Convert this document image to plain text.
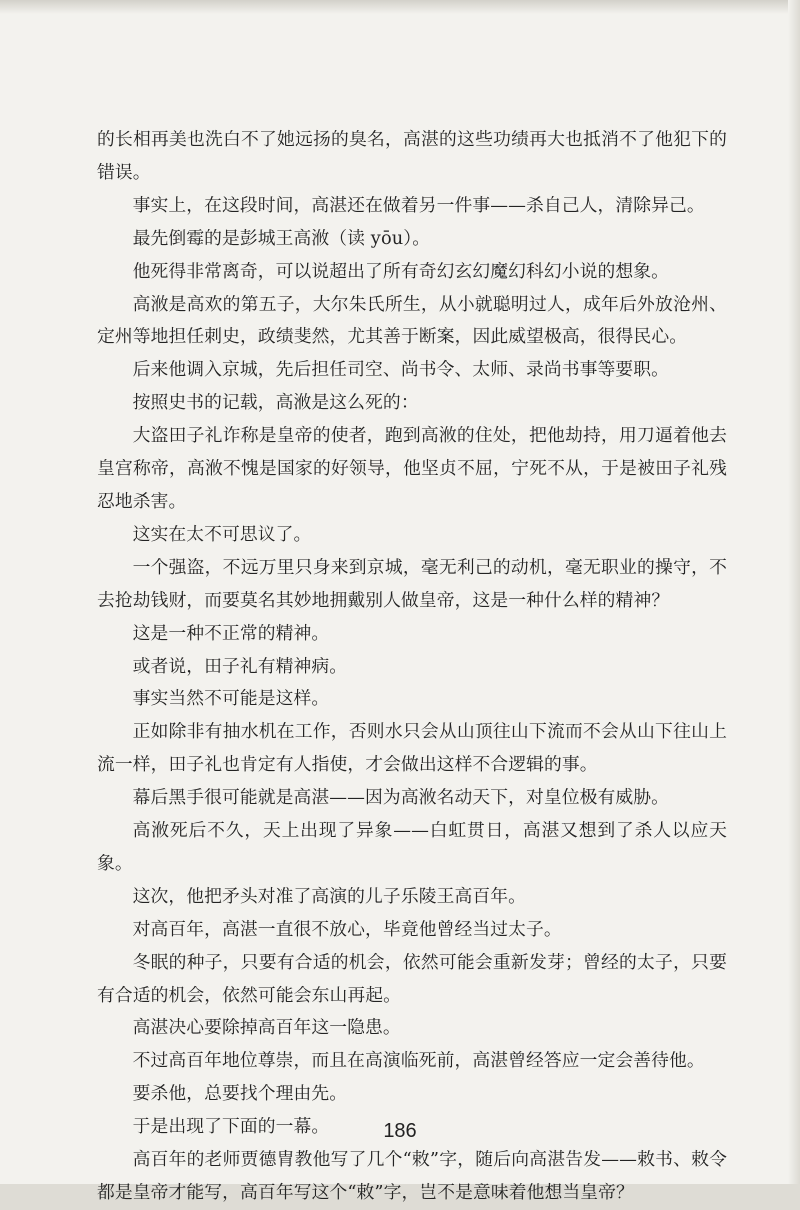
的长相再美也洗白不了她远扬的臭名，高湛的这些功绩再大也抵消不了他犯下的错误。

事实上，在这段时间，高湛还在做着另一件事——杀自己人，清除异己。

最先倒霉的是彭城王高浟（读 yōu）。

他死得非常离奇，可以说超出了所有奇幻玄幻魔幻科幻小说的想象。

高浟是高欢的第五子，大尔朱氏所生，从小就聪明过人，成年后外放沧州、定州等地担任刺史，政绩斐然，尤其善于断案，因此威望极高，很得民心。

后来他调入京城，先后担任司空、尚书令、太师、录尚书事等要职。

按照史书的记载，高浟是这么死的：

大盗田子礼诈称是皇帝的使者，跑到高浟的住处，把他劫持，用刀逼着他去皇宫称帝，高浟不愧是国家的好领导，他坚贞不屈，宁死不从，于是被田子礼残忍地杀害。

这实在太不可思议了。

一个强盗，不远万里只身来到京城，毫无利己的动机，毫无职业的操守，不去抢劫钱财，而要莫名其妙地拥戴别人做皇帝，这是一种什么样的精神？

这是一种不正常的精神。

或者说，田子礼有精神病。

事实当然不可能是这样。

正如除非有抽水机在工作，否则水只会从山顶往山下流而不会从山下往山上流一样，田子礼也肯定有人指使，才会做出这样不合逻辑的事。

幕后黑手很可能就是高湛——因为高浟名动天下，对皇位极有威胁。

高浟死后不久，天上出现了异象——白虹贯日，高湛又想到了杀人以应天象。

这次，他把矛头对准了高演的儿子乐陵王高百年。

对高百年，高湛一直很不放心，毕竟他曾经当过太子。

冬眠的种子，只要有合适的机会，依然可能会重新发芽；曾经的太子，只要有合适的机会，依然可能会东山再起。

高湛决心要除掉高百年这一隐患。

不过高百年地位尊崇，而且在高演临死前，高湛曾经答应一定会善待他。

要杀他，总要找个理由先。

于是出现了下面的一幕。

高百年的老师贾德胄教他写了几个“敕”字，随后向高湛告发——敕书、敕令都是皇帝才能写，高百年写这个“敕”字，岂不是意味着他想当皇帝？

186
